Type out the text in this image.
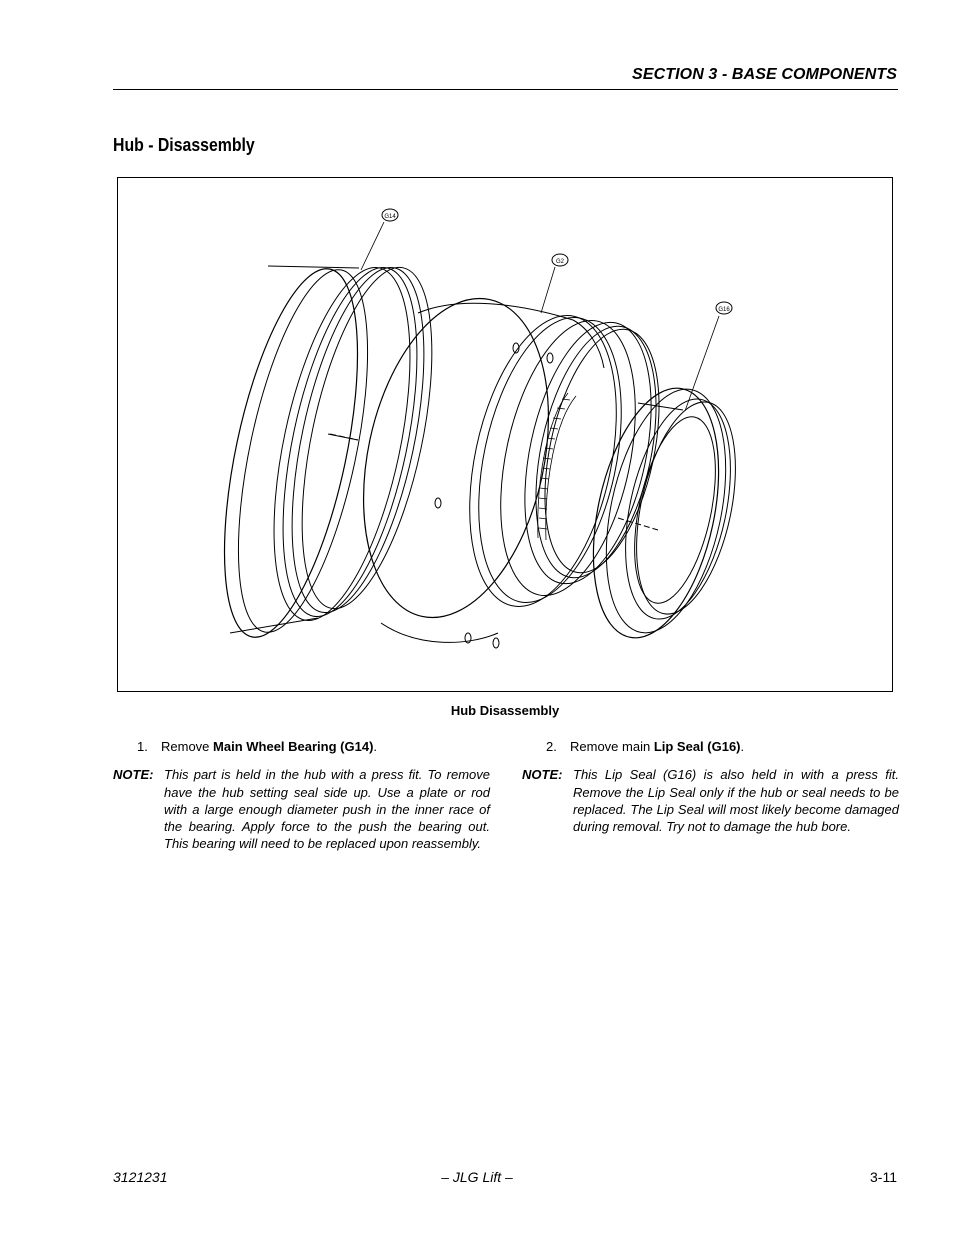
SECTION 3 - BASE COMPONENTS
Hub - Disassembly
G14
G2
G16
Hub Disassembly
1. Remove Main Wheel Bearing (G14).
NOTE: This part is held in the hub with a press fit. To remove have the hub setting seal side up. Use a plate or rod with a large enough diameter push in the inner race of the bearing. Apply force to the push the bearing out. This bearing will need to be replaced upon reassembly.
2. Remove main Lip Seal (G16).
NOTE: This Lip Seal (G16) is also held in with a press fit. Remove the Lip Seal only if the hub or seal needs to be replaced. The Lip Seal will most likely become damaged during removal. Try not to damage the hub bore.
– JLG Lift –
3121231	3-11
